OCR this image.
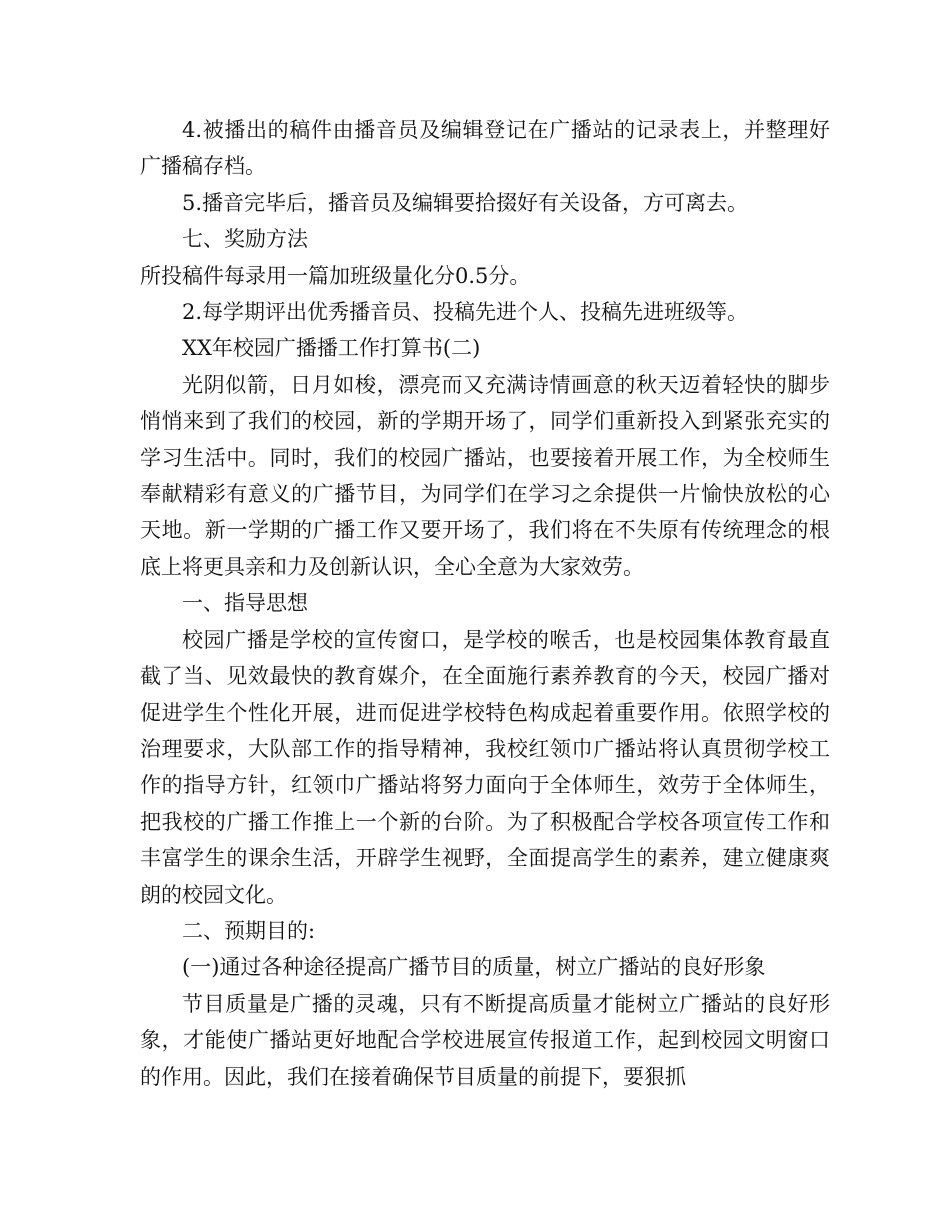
4.被播出的稿件由播音员及编辑登记在广播站的记录表上，并整理好广播稿存档。

5.播音完毕后，播音员及编辑要拾掇好有关设备，方可离去。

七、奖励方法

所投稿件每录用一篇加班级量化分0.5分。

2.每学期评出优秀播音员、投稿先进个人、投稿先进班级等。

XX年校园广播播工作打算书(二)

光阴似箭，日月如梭，漂亮而又充满诗情画意的秋天迈着轻快的脚步悄悄来到了我们的校园，新的学期开场了，同学们重新投入到紧张充实的学习生活中。同时，我们的校园广播站，也要接着开展工作，为全校师生奉献精彩有意义的广播节目，为同学们在学习之余提供一片愉快放松的心天地。新一学期的广播工作又要开场了，我们将在不失原有传统理念的根底上将更具亲和力及创新认识，全心全意为大家效劳。

一、指导思想

校园广播是学校的宣传窗口，是学校的喉舌，也是校园集体教育最直截了当、见效最快的教育媒介，在全面施行素养教育的今天，校园广播对促进学生个性化开展，进而促进学校特色构成起着重要作用。依照学校的治理要求，大队部工作的指导精神，我校红领巾广播站将认真贯彻学校工作的指导方针，红领巾广播站将努力面向于全体师生，效劳于全体师生，把我校的广播工作推上一个新的台阶。为了积极配合学校各项宣传工作和丰富学生的课余生活，开辟学生视野，全面提高学生的素养，建立健康爽朗的校园文化。

二、预期目的:

(一)通过各种途径提高广播节目的质量，树立广播站的良好形象

节目质量是广播的灵魂，只有不断提高质量才能树立广播站的良好形象，才能使广播站更好地配合学校进展宣传报道工作，起到校园文明窗口的作用。因此，我们在接着确保节目质量的前提下，要狠抓
